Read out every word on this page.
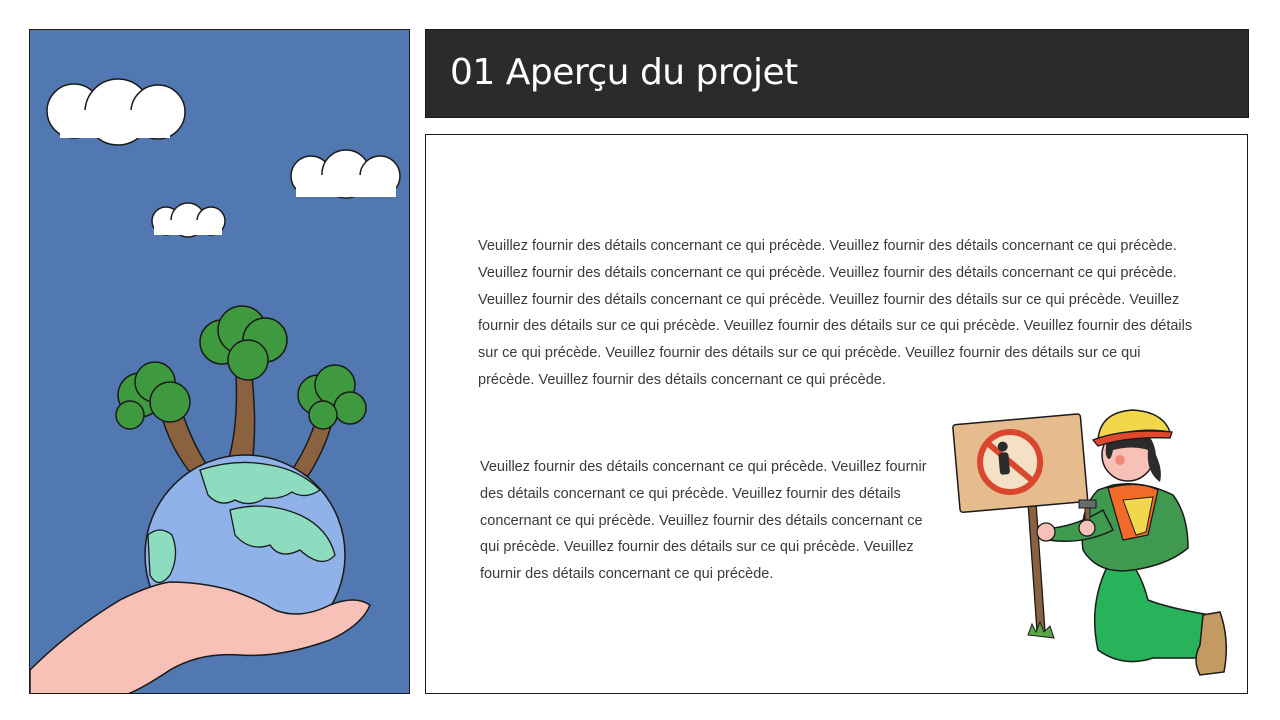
01 Aperçu du projet

Veuillez fournir des détails concernant ce qui précède. Veuillez fournir des détails concernant ce qui précède. Veuillez fournir des détails concernant ce qui précède. Veuillez fournir des détails concernant ce qui précède. Veuillez fournir des détails concernant ce qui précède. Veuillez fournir des détails sur ce qui précède. Veuillez fournir des détails sur ce qui précède. Veuillez fournir des détails sur ce qui précède. Veuillez fournir des détails sur ce qui précède. Veuillez fournir des détails sur ce qui précède. Veuillez fournir des détails sur ce qui précède. Veuillez fournir des détails concernant ce qui précède.

Veuillez fournir des détails concernant ce qui précède. Veuillez fournir des détails concernant ce qui précède. Veuillez fournir des détails concernant ce qui précède. Veuillez fournir des détails concernant ce qui précède. Veuillez fournir des détails sur ce qui précède. Veuillez fournir des détails concernant ce qui précède.
